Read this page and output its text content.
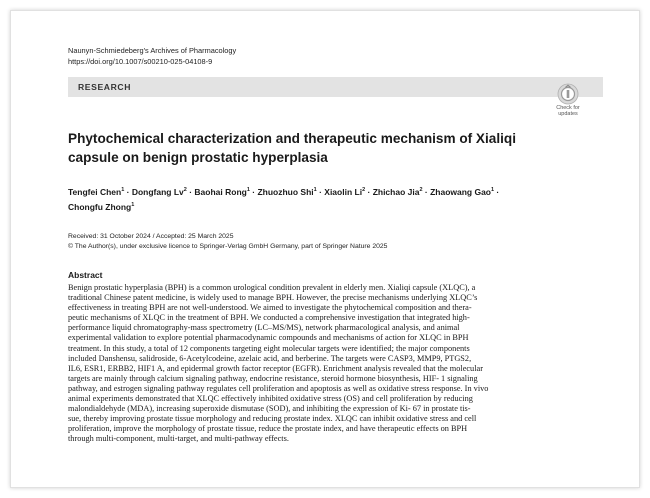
Naunyn-Schmiedeberg's Archives of Pharmacology
https://doi.org/10.1007/s00210-025-04108-9
RESEARCH
Check for
updates
Phytochemical characterization and therapeutic mechanism of Xialiqi
capsule on benign prostatic hyperplasia
Tengfei Chen$^1$ · Dongfang $Lv^2$ · Baohai Rong$^1$ · Zhuozhuo Shi$^1$ · Xiaolin $Li^2$ · Zhichao Jia$^2$ · Zhaowang Gao$^1$ ·
Chongfu Zhong$^1$
Received: 31 October 2024 / Accepted: 25 March 2025
© The Author(s), under exclusive licence to Springer-Verlag GmbH Germany, part of Springer Nature 2025
Abstract

Benign prostatic hyperplasia (BPH) is a common urological condition prevalent in elderly men. Xialiqi capsule (XLQC), a
traditional Chinese patent medicine, is widely used to manage BPH. However, the precise mechanisms underlying XLQC’s
effectiveness in treating BPH are not well-understood. We aimed to investigate the phytochemical composition and thera-
peutic mechanisms of XLQC in the treatment of BPH. We conducted a comprehensive investigation that integrated high-
performance liquid chromatography-mass spectrometry (LC–MS/MS), network pharmacological analysis, and animal
experimental validation to explore potential pharmacodynamic compounds and mechanisms of action for XLQC in BPH
treatment. In this study, a total of 12 components targeting eight molecular targets were identified; the major components
included Danshensu, salidroside, 6-Acetylcodeine, azelaic acid, and berberine. The targets were CASP3, MMP9, PTGS2,
IL6, ESR1, ERBB2, HIF1 A, and epidermal growth factor receptor (EGFR). Enrichment analysis revealed that the molecular
targets are mainly through calcium signaling pathway, endocrine resistance, steroid hormone biosynthesis, HIF- 1 signaling
pathway, and estrogen signaling pathway regulates cell proliferation and apoptosis as well as oxidative stress response. In vivo
animal experiments demonstrated that XLQC effectively inhibited oxidative stress (OS) and cell proliferation by reducing
malondialdehyde (MDA), increasing superoxide dismutase (SOD), and inhibiting the expression of Ki- 67 in prostate tis-
sue, thereby improving prostate tissue morphology and reducing prostate index. XLQC can inhibit oxidative stress and cell
proliferation, improve the morphology of prostate tissue, reduce the prostate index, and have therapeutic effects on BPH
through multi-component, multi-target, and multi-pathway effects.
